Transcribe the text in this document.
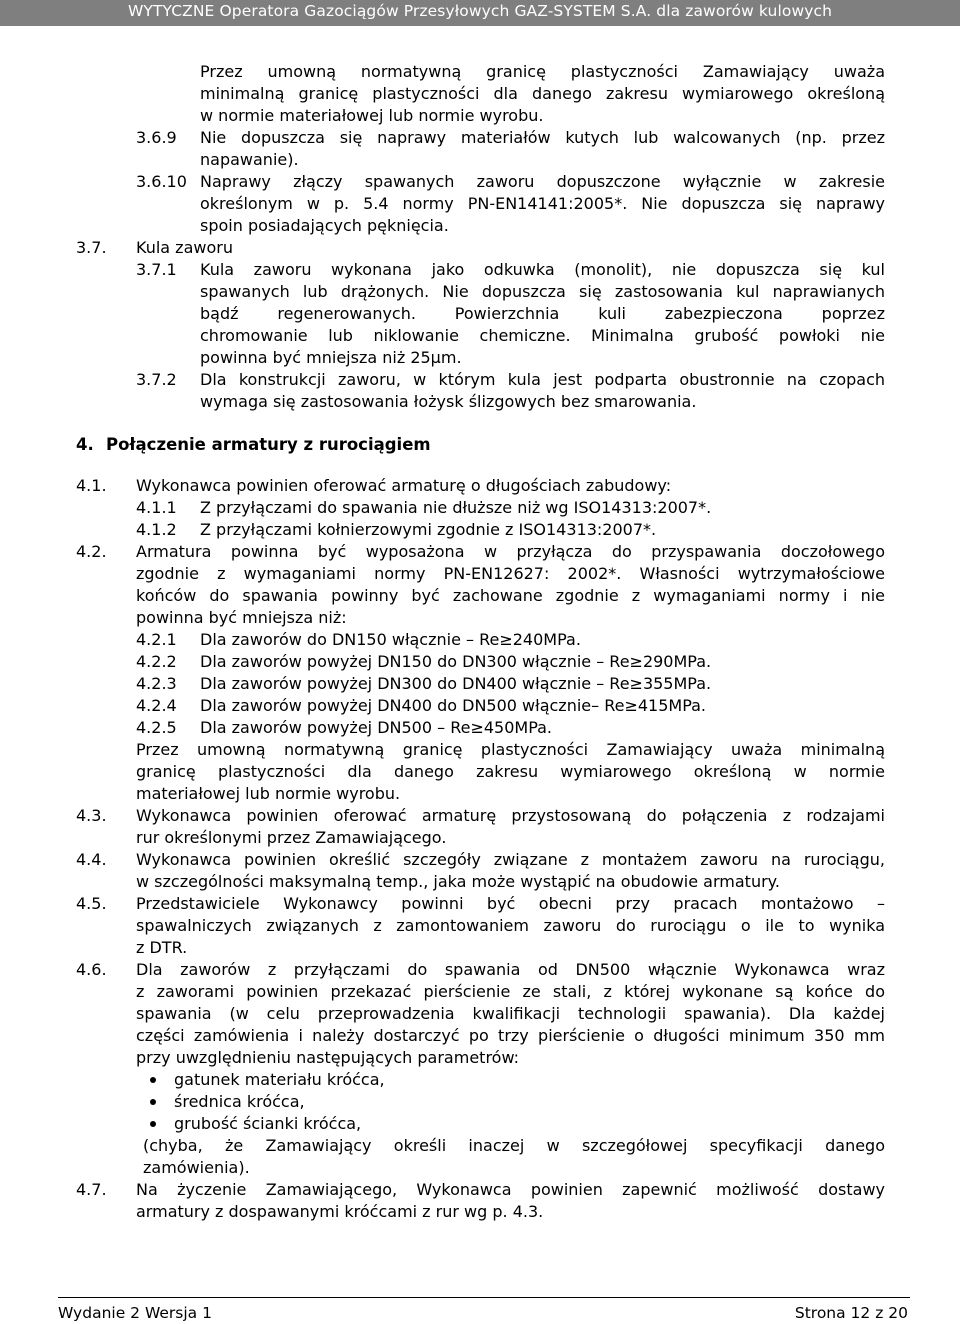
WYTYCZNE Operatora Gazociągów Przesyłowych GAZ-SYSTEM S.A. dla zaworów kulowych
Przez umowną normatywną granicę plastyczności Zamawiający uważa
minimalną granicę plastyczności dla danego zakresu wymiarowego określoną
w normie materiałowej lub normie wyrobu.
3.6.9 Nie dopuszcza się naprawy materiałów kutych lub walcowanych (np. przez
napawanie).
3.6.10 Naprawy złączy spawanych zaworu dopuszczone wyłącznie w zakresie
określonym w p. 5.4 normy PN-EN14141:2005*. Nie dopuszcza się naprawy
spoin posiadających pęknięcia.
3.7. Kula zaworu
3.7.1 Kula zaworu wykonana jako odkuwka (monolit), nie dopuszcza się kul
spawanych lub drążonych. Nie dopuszcza się zastosowania kul naprawianych
bądź regenerowanych. Powierzchnia kuli zabezpieczona poprzez
chromowanie lub niklowanie chemiczne. Minimalna grubość powłoki nie
powinna być mniejsza niż 25µm.
3.7.2 Dla konstrukcji zaworu, w którym kula jest podparta obustronnie na czopach
wymaga się zastosowania łożysk ślizgowych bez smarowania.
4. Połączenie armatury z rurociągiem
4.1. Wykonawca powinien oferować armaturę o długościach zabudowy:
4.1.1 Z przyłączami do spawania nie dłuższe niż wg ISO14313:2007*.
4.1.2 Z przyłączami kołnierzowymi zgodnie z ISO14313:2007*.
4.2. Armatura powinna być wyposażona w przyłącza do przyspawania doczołowego
zgodnie z wymaganiami normy PN-EN12627: 2002*. Własności wytrzymałościowe
końców do spawania powinny być zachowane zgodnie z wymaganiami normy i nie
powinna być mniejsza niż:
4.2.1 Dla zaworów do DN150 włącznie – Re≥240MPa.
4.2.2 Dla zaworów powyżej DN150 do DN300 włącznie – Re≥290MPa.
4.2.3 Dla zaworów powyżej DN300 do DN400 włącznie – Re≥355MPa.
4.2.4 Dla zaworów powyżej DN400 do DN500 włącznie– Re≥415MPa.
4.2.5 Dla zaworów powyżej DN500 – Re≥450MPa.
Przez umowną normatywną granicę plastyczności Zamawiający uważa minimalną
granicę plastyczności dla danego zakresu wymiarowego określoną w normie
materiałowej lub normie wyrobu.
4.3. Wykonawca powinien oferować armaturę przystosowaną do połączenia z rodzajami
rur określonymi przez Zamawiającego.
4.4. Wykonawca powinien określić szczegóły związane z montażem zaworu na rurociągu,
w szczególności maksymalną temp., jaka może wystąpić na obudowie armatury.
4.5. Przedstawiciele Wykonawcy powinni być obecni przy pracach montażowo –
spawalniczych związanych z zamontowaniem zaworu do rurociągu o ile to wynika
z DTR.
4.6. Dla zaworów z przyłączami do spawania od DN500 włącznie Wykonawca wraz
z zaworami powinien przekazać pierścienie ze stali, z której wykonane są końce do
spawania (w celu przeprowadzenia kwalifikacji technologii spawania). Dla każdej
części zamówienia i należy dostarczyć po trzy pierścienie o długości minimum 350 mm
przy uwzględnieniu następujących parametrów:
gatunek materiału króćca,
średnica króćca,
grubość ścianki króćca,
(chyba, że Zamawiający określi inaczej w szczegółowej specyfikacji danego
zamówienia).
4.7. Na życzenie Zamawiającego, Wykonawca powinien zapewnić możliwość dostawy
armatury z dospawanymi króćcami z rur wg p. 4.3.
Wydanie 2 Wersja 1	Strona 12 z 20
